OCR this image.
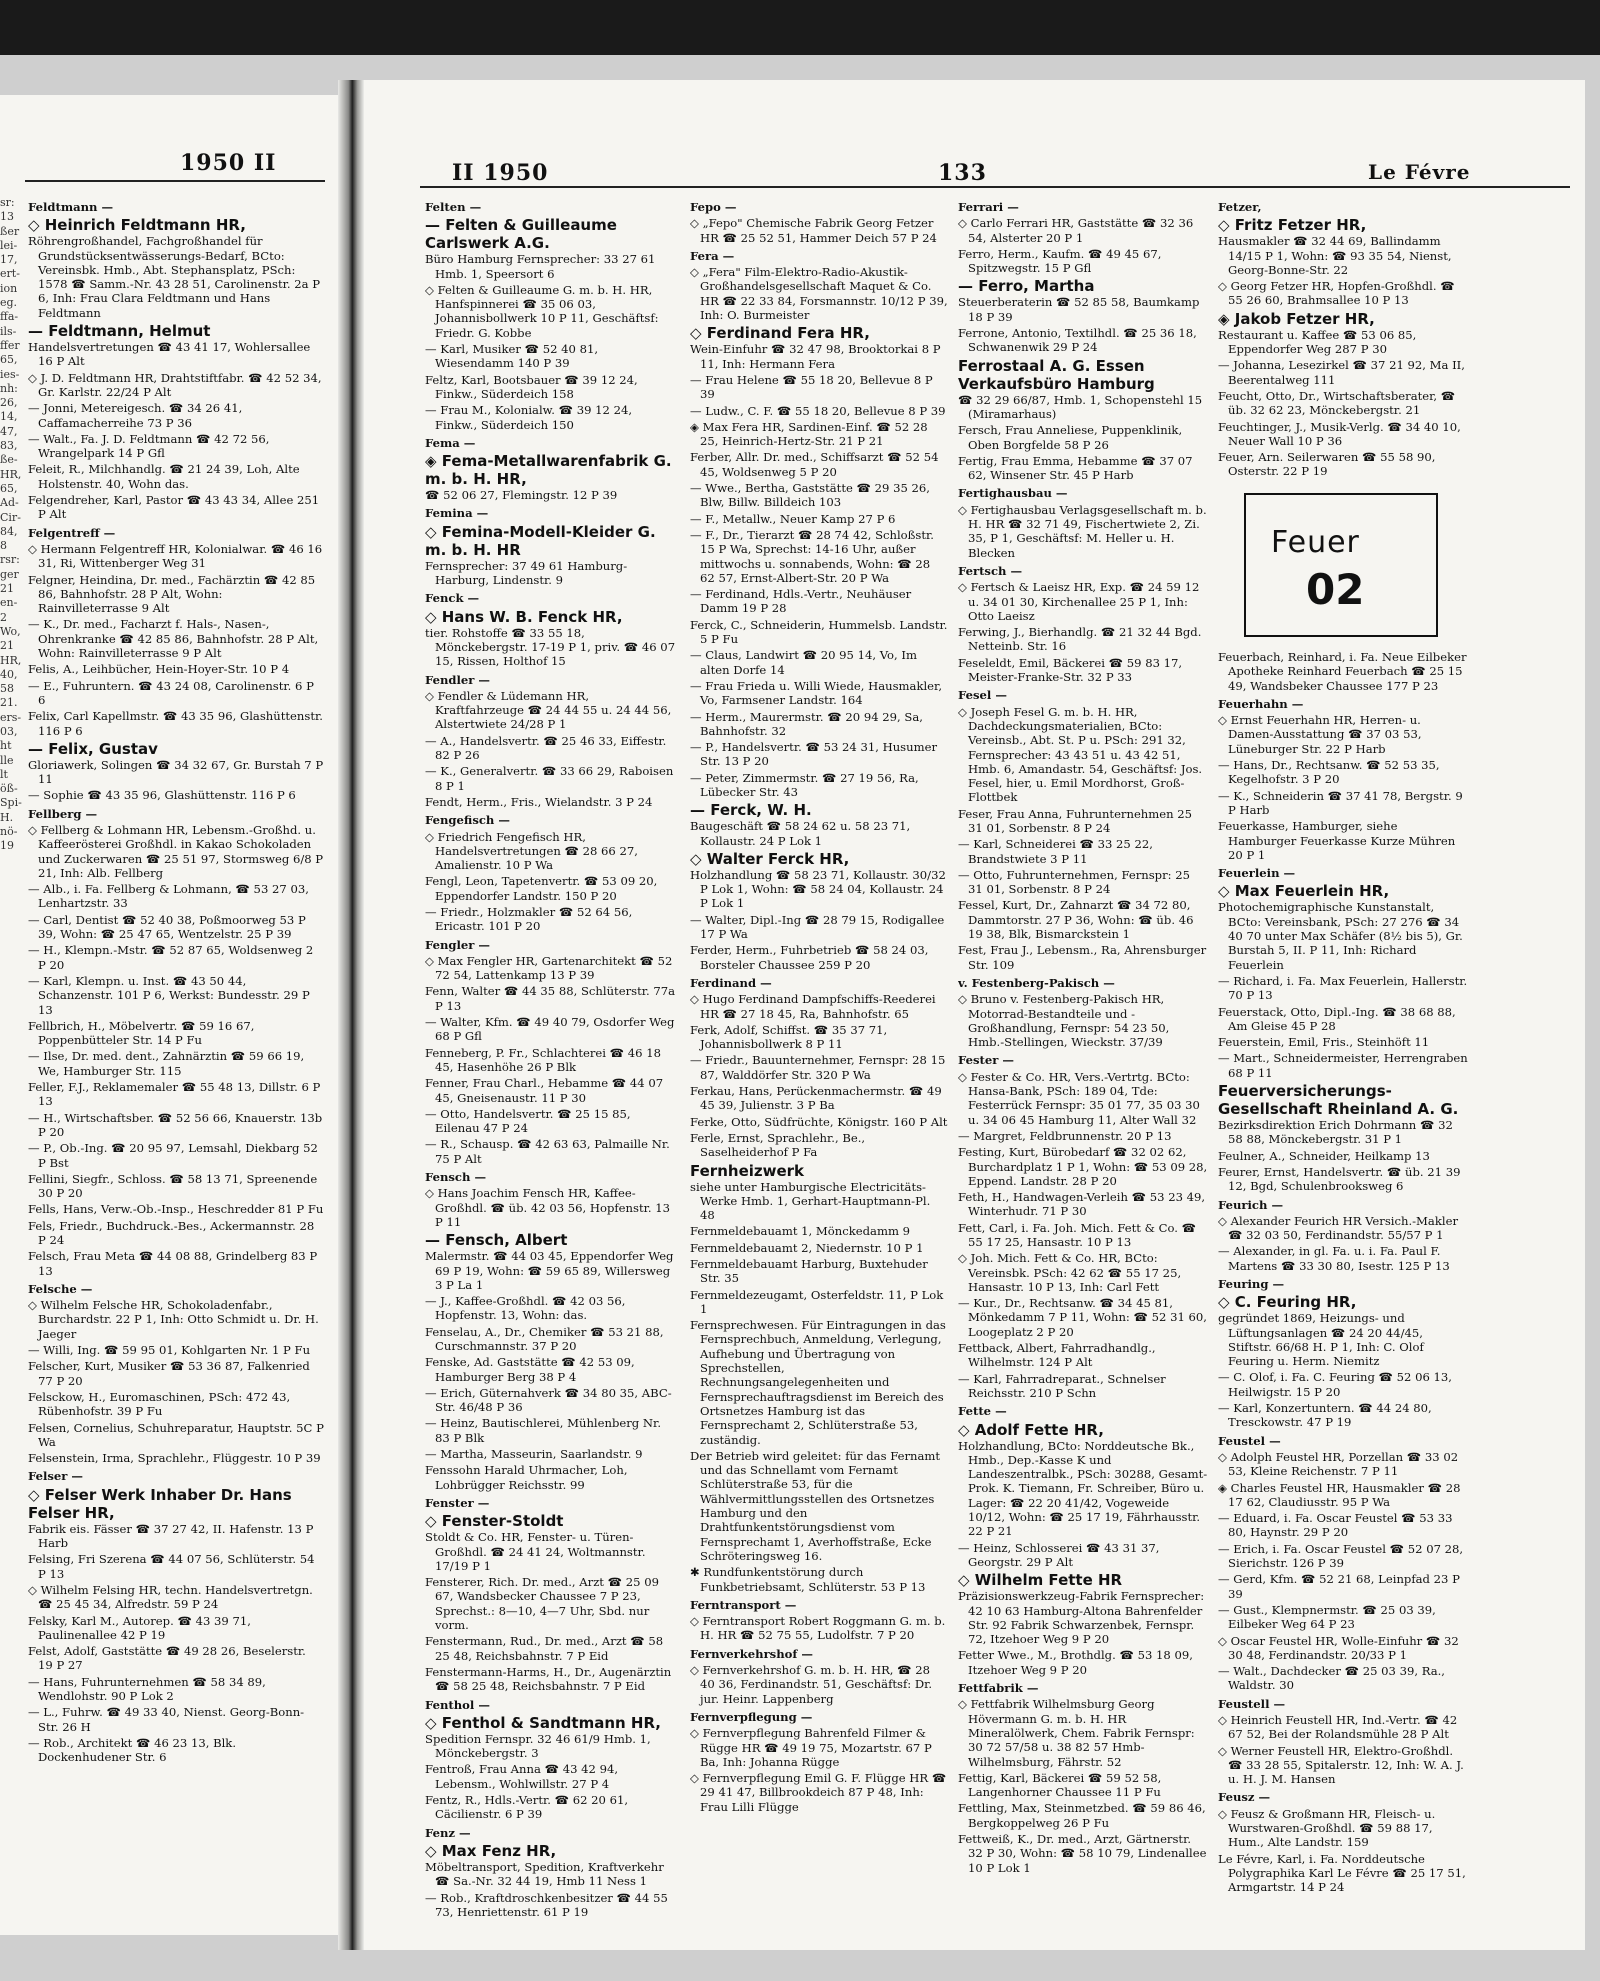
1950 II	II 1950	133	Le Févre
sr:
13
ßer
lei-
17,
ert-
ion
eg.
ffa-
ils-
ffer
65,
ies-
nh:
26,
14,
47,
83,
ße-
HR,
65,
Ad-
Cir-
84,
8
rsr:
ger
21
en-
2
Wo,
21
HR,
40,
58
21.
ers-
03,
ht
lle
lt
öß-
Spi-
H.
nö-
19
Feldtmann —
◇ Heinrich Feldtmann HR,
Röhrengroßhandel, Fachgroßhandel für Grundstücksentwässerungs-Bedarf, BCto: Vereinsbk. Hmb., Abt. Stephansplatz, PSch: 1578 ☎ Samm.-Nr. 43 28 51, Carolinenstr. 2a P 6, Inh: Frau Clara Feldtmann und Hans Feldtmann
— Feldtmann, Helmut
Handelsvertretungen ☎ 43 41 17, Wohlersallee 16 P Alt
◇ J. D. Feldtmann HR, Drahtstiftfabr. ☎ 42 52 34, Gr. Karlstr. 22/24 P Alt
— Jonni, Metereigesch. ☎ 34 26 41, Caffamacherreihe 73 P 36
— Walt., Fa. J. D. Feldtmann ☎ 42 72 56, Wrangelpark 14 P Gfl
Feleit, R., Milchhandlg. ☎ 21 24 39, Loh, Alte Holstenstr. 40, Wohn das.
Felgendreher, Karl, Pastor ☎ 43 43 34, Allee 251 P Alt
Felgentreff —
◇ Hermann Felgentreff HR, Kolonialwar. ☎ 46 16 31, Ri, Wittenberger Weg 31
Felgner, Heindina, Dr. med., Fachärztin ☎ 42 85 86, Bahnhofstr. 28 P Alt, Wohn: Rainvilleterrasse 9 Alt
— K., Dr. med., Facharzt f. Hals-, Nasen-, Ohrenkranke ☎ 42 85 86, Bahnhofstr. 28 P Alt, Wohn: Rainvilleterrasse 9 P Alt
Felis, A., Leihbücher, Hein-Hoyer-Str. 10 P 4
— E., Fuhruntern. ☎ 43 24 08, Carolinenstr. 6 P 6
Felix, Carl Kapellmstr. ☎ 43 35 96, Glashüttenstr. 116 P 6
— Felix, Gustav
Gloriawerk, Solingen ☎ 34 32 67, Gr. Burstah 7 P 11
— Sophie ☎ 43 35 96, Glashüttenstr. 116 P 6
Fellberg —
◇ Fellberg & Lohmann HR, Lebensm.-Großhd. u. Kaffeerösterei Großhdl. in Kakao Schokoladen und Zuckerwaren ☎ 25 51 97, Stormsweg 6/8 P 21, Inh: Alb. Fellberg
— Alb., i. Fa. Fellberg & Lohmann, ☎ 53 27 03, Lenhartzstr. 33
— Carl, Dentist ☎ 52 40 38, Poßmoorweg 53 P 39, Wohn: ☎ 25 47 65, Wentzelstr. 25 P 39
— H., Klempn.-Mstr. ☎ 52 87 65, Woldsenweg 2 P 20
— Karl, Klempn. u. Inst. ☎ 43 50 44, Schanzenstr. 101 P 6, Werkst: Bundesstr. 29 P 13
Fellbrich, H., Möbelvertr. ☎ 59 16 67, Poppenbütteler Str. 14 P Fu
— Ilse, Dr. med. dent., Zahnärztin ☎ 59 66 19, We, Hamburger Str. 115
Feller, F.J., Reklamemaler ☎ 55 48 13, Dillstr. 6 P 13
— H., Wirtschaftsber. ☎ 52 56 66, Knauerstr. 13b P 20
— P., Ob.-Ing. ☎ 20 95 97, Lemsahl, Diekbarg 52 P Bst
Fellini, Siegfr., Schloss. ☎ 58 13 71, Spreenende 30 P 20
Fells, Hans, Verw.-Ob.-Insp., Heschredder 81 P Fu
Fels, Friedr., Buchdruck.-Bes., Ackermannstr. 28 P 24
Felsch, Frau Meta ☎ 44 08 88, Grindelberg 83 P 13
Felsche —
◇ Wilhelm Felsche HR, Schokoladenfabr., Burchardstr. 22 P 1, Inh: Otto Schmidt u. Dr. H. Jaeger
— Willi, Ing. ☎ 59 95 01, Kohlgarten Nr. 1 P Fu
Felscher, Kurt, Musiker ☎ 53 36 87, Falkenried 77 P 20
Felsckow, H., Euromaschinen, PSch: 472 43, Rübenhofstr. 39 P Fu
Felsen, Cornelius, Schuhreparatur, Hauptstr. 5C P Wa
Felsenstein, Irma, Sprachlehr., Flüggestr. 10 P 39
Felser —
◇ Felser Werk Inhaber Dr. Hans Felser HR,
Fabrik eis. Fässer ☎ 37 27 42, II. Hafenstr. 13 P Harb
Felsing, Fri Szerena ☎ 44 07 56, Schlüterstr. 54 P 13
◇ Wilhelm Felsing HR, techn. Handelsvertretgn. ☎ 25 45 34, Alfredstr. 59 P 24
Felsky, Karl M., Autorep. ☎ 43 39 71, Paulinenallee 42 P 19
Felst, Adolf, Gaststätte ☎ 49 28 26, Beselerstr. 19 P 27
— Hans, Fuhrunternehmen ☎ 58 34 89, Wendlohstr. 90 P Lok 2
— L., Fuhrw. ☎ 49 33 40, Nienst. Georg-Bonn-Str. 26 H
— Rob., Architekt ☎ 46 23 13, Blk. Dockenhudener Str. 6
Felten —
— Felten & Guilleaume Carlswerk A.G.
Büro Hamburg Fernsprecher: 33 27 61 Hmb. 1, Speersort 6
◇ Felten & Guilleaume G. m. b. H. HR, Hanfspinnerei ☎ 35 06 03, Johannisbollwerk 10 P 11, Geschäftsf: Friedr. G. Kobbe
— Karl, Musiker ☎ 52 40 81, Wiesendamm 140 P 39
Feltz, Karl, Bootsbauer ☎ 39 12 24, Finkw., Süderdeich 158
— Frau M., Kolonialw. ☎ 39 12 24, Finkw., Süderdeich 150
Fema —
◈ Fema-Metallwarenfabrik G. m. b. H. HR,
☎ 52 06 27, Flemingstr. 12 P 39
Femina —
◇ Femina-Modell-Kleider G. m. b. H. HR
Fernsprecher: 37 49 61 Hamburg-Harburg, Lindenstr. 9
Fenck —
◇ Hans W. B. Fenck HR,
tier. Rohstoffe ☎ 33 55 18, Mönckebergstr. 17-19 P 1, priv. ☎ 46 07 15, Rissen, Holthof 15
Fendler —
◇ Fendler & Lüdemann HR, Kraftfahrzeuge ☎ 24 44 55 u. 24 44 56, Alstertwiete 24/28 P 1
— A., Handelsvertr. ☎ 25 46 33, Eiffestr. 82 P 26
— K., Generalvertr. ☎ 33 66 29, Raboisen 8 P 1
Fendt, Herm., Fris., Wielandstr. 3 P 24
Fengefisch —
◇ Friedrich Fengefisch HR, Handelsvertretungen ☎ 28 66 27, Amalienstr. 10 P Wa
Fengl, Leon, Tapetenvertr. ☎ 53 09 20, Eppendorfer Landstr. 150 P 20
— Friedr., Holzmakler ☎ 52 64 56, Ericastr. 101 P 20
Fengler —
◇ Max Fengler HR, Gartenarchitekt ☎ 52 72 54, Lattenkamp 13 P 39
Fenn, Walter ☎ 44 35 88, Schlüterstr. 77a P 13
— Walter, Kfm. ☎ 49 40 79, Osdorfer Weg 68 P Gfl
Fenneberg, P. Fr., Schlachterei ☎ 46 18 45, Hasenhöhe 26 P Blk
Fenner, Frau Charl., Hebamme ☎ 44 07 45, Gneisenaustr. 11 P 30
— Otto, Handelsvertr. ☎ 25 15 85, Eilenau 47 P 24
— R., Schausp. ☎ 42 63 63, Palmaille Nr. 75 P Alt
Fensch —
◇ Hans Joachim Fensch HR, Kaffee-Großhdl. ☎ üb. 42 03 56, Hopfenstr. 13 P 11
— Fensch, Albert
Malermstr. ☎ 44 03 45, Eppendorfer Weg 69 P 19, Wohn: ☎ 59 65 89, Willersweg 3 P La 1
— J., Kaffee-Großhdl. ☎ 42 03 56, Hopfenstr. 13, Wohn: das.
Fenselau, A., Dr., Chemiker ☎ 53 21 88, Curschmannstr. 37 P 20
Fenske, Ad. Gaststätte ☎ 42 53 09, Hamburger Berg 38 P 4
— Erich, Güternahverk ☎ 34 80 35, ABC-Str. 46/48 P 36
— Heinz, Bautischlerei, Mühlenberg Nr. 83 P Blk
— Martha, Masseurin, Saarlandstr. 9
Fenssohn Harald Uhrmacher, Loh, Lohbrügger Reichsstr. 99
Fenster —
◇ Fenster-Stoldt
Stoldt & Co. HR, Fenster- u. Türen-Großhdl. ☎ 24 41 24, Woltmannstr. 17/19 P 1
Fensterer, Rich. Dr. med., Arzt ☎ 25 09 67, Wandsbecker Chaussee 7 P 23, Sprechst.: 8—10, 4—7 Uhr, Sbd. nur vorm.
Fenstermann, Rud., Dr. med., Arzt ☎ 58 25 48, Reichsbahnstr. 7 P Eid
Fenstermann-Harms, H., Dr., Augenärztin ☎ 58 25 48, Reichsbahnstr. 7 P Eid
Fenthol —
◇ Fenthol & Sandtmann HR,
Spedition Fernspr. 32 46 61/9 Hmb. 1, Mönckebergstr. 3
Fentroß, Frau Anna ☎ 43 42 94, Lebensm., Wohlwillstr. 27 P 4
Fentz, R., Hdls.-Vertr. ☎ 62 20 61, Cäcilienstr. 6 P 39
Fenz —
◇ Max Fenz HR,
Möbeltransport, Spedition, Kraftverkehr ☎ Sa.-Nr. 32 44 19, Hmb 11 Ness 1
— Rob., Kraftdroschkenbesitzer ☎ 44 55 73, Henriettenstr. 61 P 19
Fepo —
◇ „Fepo" Chemische Fabrik Georg Fetzer HR ☎ 25 52 51, Hammer Deich 57 P 24
Fera —
◇ „Fera" Film-Elektro-Radio-Akustik-Großhandelsgesellschaft Maquet & Co. HR ☎ 22 33 84, Forsmannstr. 10/12 P 39, Inh: O. Burmeister
◇ Ferdinand Fera HR,
Wein-Einfuhr ☎ 32 47 98, Brooktorkai 8 P 11, Inh: Hermann Fera
— Frau Helene ☎ 55 18 20, Bellevue 8 P 39
— Ludw., C. F. ☎ 55 18 20, Bellevue 8 P 39
◈ Max Fera HR, Sardinen-Einf. ☎ 52 28 25, Heinrich-Hertz-Str. 21 P 21
Ferber, Allr. Dr. med., Schiffsarzt ☎ 52 54 45, Woldsenweg 5 P 20
— Wwe., Bertha, Gaststätte ☎ 29 35 26, Blw, Billw. Billdeich 103
— F., Metallw., Neuer Kamp 27 P 6
— F., Dr., Tierarzt ☎ 28 74 42, Schloßstr. 15 P Wa, Sprechst: 14-16 Uhr, außer mittwochs u. sonnabends, Wohn: ☎ 28 62 57, Ernst-Albert-Str. 20 P Wa
— Ferdinand, Hdls.-Vertr., Neuhäuser Damm 19 P 28
Ferck, C., Schneiderin, Hummelsb. Landstr. 5 P Fu
— Claus, Landwirt ☎ 20 95 14, Vo, Im alten Dorfe 14
— Frau Frieda u. Willi Wiede, Hausmakler, Vo, Farmsener Landstr. 164
— Herm., Maurermstr. ☎ 20 94 29, Sa, Bahnhofstr. 32
— P., Handelsvertr. ☎ 53 24 31, Husumer Str. 13 P 20
— Peter, Zimmermstr. ☎ 27 19 56, Ra, Lübecker Str. 43
— Ferck, W. H.
Baugeschäft ☎ 58 24 62 u. 58 23 71, Kollaustr. 24 P Lok 1
◇ Walter Ferck HR,
Holzhandlung ☎ 58 23 71, Kollaustr. 30/32 P Lok 1, Wohn: ☎ 58 24 04, Kollaustr. 24 P Lok 1
— Walter, Dipl.-Ing ☎ 28 79 15, Rodigallee 17 P Wa
Ferder, Herm., Fuhrbetrieb ☎ 58 24 03, Borsteler Chaussee 259 P 20
Ferdinand —
◇ Hugo Ferdinand Dampfschiffs-Reederei HR ☎ 27 18 45, Ra, Bahnhofstr. 65
Ferk, Adolf, Schiffst. ☎ 35 37 71, Johannisbollwerk 8 P 11
— Friedr., Bauunternehmer, Fernspr: 28 15 87, Walddörfer Str. 320 P Wa
Ferkau, Hans, Perückenmachermstr. ☎ 49 45 39, Julienstr. 3 P Ba
Ferke, Otto, Südfrüchte, Königstr. 160 P Alt
Ferle, Ernst, Sprachlehr., Be., Saselheiderhof P Fa
Fernheizwerk
siehe unter Hamburgische Electricitäts-Werke Hmb. 1, Gerhart-Hauptmann-Pl. 48
Fernmeldebauamt 1, Mönckedamm 9
Fernmeldebauamt 2, Niedernstr. 10 P 1
Fernmeldebauamt Harburg, Buxtehuder Str. 35
Fernmeldezeugamt, Osterfeldstr. 11, P Lok 1
Fernsprechwesen. Für Eintragungen in das Fernsprechbuch, Anmeldung, Verlegung, Aufhebung und Übertragung von Sprechstellen, Rechnungsangelegenheiten und Fernsprechauftragsdienst im Bereich des Ortsnetzes Hamburg ist das Fernsprechamt 2, Schlüterstraße 53, zuständig.
Der Betrieb wird geleitet: für das Fernamt und das Schnellamt vom Fernamt Schlüterstraße 53, für die Wählvermittlungsstellen des Ortsnetzes Hamburg und den Drahtfunkentstörungsdienst vom Fernsprechamt 1, Averhoffstraße, Ecke Schröteringsweg 16.
✱ Rundfunkentstörung durch Funkbetriebsamt, Schlüterstr. 53 P 13
Ferntransport —
◇ Ferntransport Robert Roggmann G. m. b. H. HR ☎ 52 75 55, Ludolfstr. 7 P 20
Fernverkehrshof —
◇ Fernverkehrshof G. m. b. H. HR, ☎ 28 40 36, Ferdinandstr. 51, Geschäftsf: Dr. jur. Heinr. Lappenberg
Fernverpflegung —
◇ Fernverpflegung Bahrenfeld Filmer & Rügge HR ☎ 49 19 75, Mozartstr. 67 P Ba, Inh: Johanna Rügge
◇ Fernverpflegung Emil G. F. Flügge HR ☎ 29 41 47, Billbrookdeich 87 P 48, Inh: Frau Lilli Flügge
Ferrari —
◇ Carlo Ferrari HR, Gaststätte ☎ 32 36 54, Alsterter 20 P 1
Ferro, Herm., Kaufm. ☎ 49 45 67, Spitzwegstr. 15 P Gfl
— Ferro, Martha
Steuerberaterin ☎ 52 85 58, Baumkamp 18 P 39
Ferrone, Antonio, Textilhdl. ☎ 25 36 18, Schwanenwik 29 P 24
Ferrostaal A. G. Essen Verkaufsbüro Hamburg
☎ 32 29 66/87, Hmb. 1, Schopenstehl 15 (Miramarhaus)
Fersch, Frau Anneliese, Puppenklinik, Oben Borgfelde 58 P 26
Fertig, Frau Emma, Hebamme ☎ 37 07 62, Winsener Str. 45 P Harb
Fertighausbau —
◇ Fertighausbau Verlagsgesellschaft m. b. H. HR ☎ 32 71 49, Fischertwiete 2, Zi. 35, P 1, Geschäftsf: M. Heller u. H. Blecken
Fertsch —
◇ Fertsch & Laeisz HR, Exp. ☎ 24 59 12 u. 34 01 30, Kirchenallee 25 P 1, Inh: Otto Laeisz
Ferwing, J., Bierhandlg. ☎ 21 32 44 Bgd. Netteinb. Str. 16
Feseleldt, Emil, Bäckerei ☎ 59 83 17, Meister-Franke-Str. 32 P 33
Fesel —
◇ Joseph Fesel G. m. b. H. HR, Dachdeckungsmaterialien, BCto: Vereinsb., Abt. St. P u. PSch: 291 32, Fernsprecher: 43 43 51 u. 43 42 51, Hmb. 6, Amandastr. 54, Geschäftsf: Jos. Fesel, hier, u. Emil Mordhorst, Groß-Flottbek
Feser, Frau Anna, Fuhrunternehmen 25 31 01, Sorbenstr. 8 P 24
— Karl, Schneiderei ☎ 33 25 22, Brandstwiete 3 P 11
— Otto, Fuhrunternehmen, Fernspr: 25 31 01, Sorbenstr. 8 P 24
Fessel, Kurt, Dr., Zahnarzt ☎ 34 72 80, Dammtorstr. 27 P 36, Wohn: ☎ üb. 46 19 38, Blk, Bismarckstein 1
Fest, Frau J., Lebensm., Ra, Ahrensburger Str. 109
v. Festenberg-Pakisch —
◇ Bruno v. Festenberg-Pakisch HR, Motorrad-Bestandteile und -Großhandlung, Fernspr: 54 23 50, Hmb.-Stellingen, Wieckstr. 37/39
Fester —
◇ Fester & Co. HR, Vers.-Vertrtg. BCto: Hansa-Bank, PSch: 189 04, Tde: Festerrück Fernspr: 35 01 77, 35 03 30 u. 34 06 45 Hamburg 11, Alter Wall 32
— Margret, Feldbrunnenstr. 20 P 13
Festing, Kurt, Bürobedarf ☎ 32 02 62, Burchardplatz 1 P 1, Wohn: ☎ 53 09 28, Eppend. Landstr. 28 P 20
Feth, H., Handwagen-Verleih ☎ 53 23 49, Winterhudr. 71 P 30
Fett, Carl, i. Fa. Joh. Mich. Fett & Co. ☎ 55 17 25, Hansastr. 10 P 13
◇ Joh. Mich. Fett & Co. HR, BCto: Vereinsbk. PSch: 42 62 ☎ 55 17 25, Hansastr. 10 P 13, Inh: Carl Fett
— Kur., Dr., Rechtsanw. ☎ 34 45 81, Mönkedamm 7 P 11, Wohn: ☎ 52 31 60, Loogeplatz 2 P 20
Fettback, Albert, Fahrradhandlg., Wilhelmstr. 124 P Alt
— Karl, Fahrradreparat., Schnelser Reichsstr. 210 P Schn
Fette —
◇ Adolf Fette HR,
Holzhandlung, BCto: Norddeutsche Bk., Hmb., Dep.-Kasse K und Landeszentralbk., PSch: 30288, Gesamt-Prok. K. Tiemann, Fr. Schreiber, Büro u. Lager: ☎ 22 20 41/42, Vogeweide 10/12, Wohn: ☎ 25 17 19, Fährhausstr. 22 P 21
— Heinz, Schlosserei ☎ 43 31 37, Georgstr. 29 P Alt
◇ Wilhelm Fette HR
Präzisionswerkzeug-Fabrik Fernsprecher: 42 10 63 Hamburg-Altona Bahrenfelder Str. 92 Fabrik Schwarzenbek, Fernspr. 72, Itzehoer Weg 9 P 20
Fetter Wwe., M., Brothdlg. ☎ 53 18 09, Itzehoer Weg 9 P 20
Fettfabrik —
◇ Fettfabrik Wilhelmsburg Georg Hövermann G. m. b. H. HR Mineralölwerk, Chem. Fabrik Fernspr: 30 72 57/58 u. 38 82 57 Hmb-Wilhelmsburg, Fährstr. 52
Fettig, Karl, Bäckerei ☎ 59 52 58, Langenhorner Chaussee 11 P Fu
Fettling, Max, Steinmetzbed. ☎ 59 86 46, Bergkoppelweg 26 P Fu
Fettweiß, K., Dr. med., Arzt, Gärtnerstr. 32 P 30, Wohn: ☎ 58 10 79, Lindenallee 10 P Lok 1
Fetzer,
◇ Fritz Fetzer HR,
Hausmakler ☎ 32 44 69, Ballindamm 14/15 P 1, Wohn: ☎ 93 35 54, Nienst, Georg-Bonne-Str. 22
◇ Georg Fetzer HR, Hopfen-Großhdl. ☎ 55 26 60, Brahmsallee 10 P 13
◈ Jakob Fetzer HR,
Restaurant u. Kaffee ☎ 53 06 85, Eppendorfer Weg 287 P 30
— Johanna, Lesezirkel ☎ 37 21 92, Ma II, Beerentalweg 111
Feucht, Otto, Dr., Wirtschaftsberater, ☎ üb. 32 62 23, Mönckebergstr. 21
Feuchtinger, J., Musik-Verlg. ☎ 34 40 10, Neuer Wall 10 P 36
Feuer, Arn. Seilerwaren ☎ 55 58 90, Osterstr. 22 P 19
Feuerbach, Reinhard, i. Fa. Neue Eilbeker Apotheke Reinhard Feuerbach ☎ 25 15 49, Wandsbeker Chaussee 177 P 23
Feuerhahn —
◇ Ernst Feuerhahn HR, Herren- u. Damen-Ausstattung ☎ 37 03 53, Lüneburger Str. 22 P Harb
— Hans, Dr., Rechtsanw. ☎ 52 53 35, Kegelhofstr. 3 P 20
— K., Schneiderin ☎ 37 41 78, Bergstr. 9 P Harb
Feuerkasse, Hamburger, siehe Hamburger Feuerkasse Kurze Mühren 20 P 1
Feuerlein —
◇ Max Feuerlein HR,
Photochemigraphische Kunstanstalt, BCto: Vereinsbank, PSch: 27 276 ☎ 34 40 70 unter Max Schäfer (8½ bis 5), Gr. Burstah 5, II. P 11, Inh: Richard Feuerlein
— Richard, i. Fa. Max Feuerlein, Hallerstr. 70 P 13
Feuerstack, Otto, Dipl.-Ing. ☎ 38 68 88, Am Gleise 45 P 28
Feuerstein, Emil, Fris., Steinhöft 11
— Mart., Schneidermeister, Herrengraben 68 P 11
Feuerversicherungs-Gesellschaft Rheinland A. G.
Bezirksdirektion Erich Dohrmann ☎ 32 58 88, Mönckebergstr. 31 P 1
Feulner, A., Schneider, Heilkamp 13
Feurer, Ernst, Handelsvertr. ☎ üb. 21 39 12, Bgd, Schulenbrooksweg 6
Feurich —
◇ Alexander Feurich HR Versich.-Makler ☎ 32 03 50, Ferdinandstr. 55/57 P 1
— Alexander, in gl. Fa. u. i. Fa. Paul F. Martens ☎ 33 30 80, Isestr. 125 P 13
Feuring —
◇ C. Feuring HR,
gegründet 1869, Heizungs- und Lüftungsanlagen ☎ 24 20 44/45, Stiftstr. 66/68 H. P 1, Inh: C. Olof Feuring u. Herm. Niemitz
— C. Olof, i. Fa. C. Feuring ☎ 52 06 13, Heilwigstr. 15 P 20
— Karl, Konzertuntern. ☎ 44 24 80, Tresckowstr. 47 P 19
Feustel —
◇ Adolph Feustel HR, Porzellan ☎ 33 02 53, Kleine Reichenstr. 7 P 11
◈ Charles Feustel HR, Hausmakler ☎ 28 17 62, Claudiusstr. 95 P Wa
— Eduard, i. Fa. Oscar Feustel ☎ 53 33 80, Haynstr. 29 P 20
— Erich, i. Fa. Oscar Feustel ☎ 52 07 28, Sierichstr. 126 P 39
— Gerd, Kfm. ☎ 52 21 68, Leinpfad 23 P 39
— Gust., Klempnermstr. ☎ 25 03 39, Eilbeker Weg 64 P 23
◇ Oscar Feustel HR, Wolle-Einfuhr ☎ 32 30 48, Ferdinandstr. 20/33 P 1
— Walt., Dachdecker ☎ 25 03 39, Ra., Waldstr. 30
Feustell —
◇ Heinrich Feustell HR, Ind.-Vertr. ☎ 42 67 52, Bei der Rolandsmühle 28 P Alt
◇ Werner Feustell HR, Elektro-Großhdl. ☎ 33 28 55, Spitalerstr. 12, Inh: W. A. J. u. H. J. M. Hansen
Feusz —
◇ Feusz & Großmann HR, Fleisch- u. Wurstwaren-Großhdl. ☎ 59 88 17, Hum., Alte Landstr. 159
Le Févre, Karl, i. Fa. Norddeutsche Polygraphika Karl Le Févre ☎ 25 17 51, Armgartstr. 14 P 24
Feuer
02
